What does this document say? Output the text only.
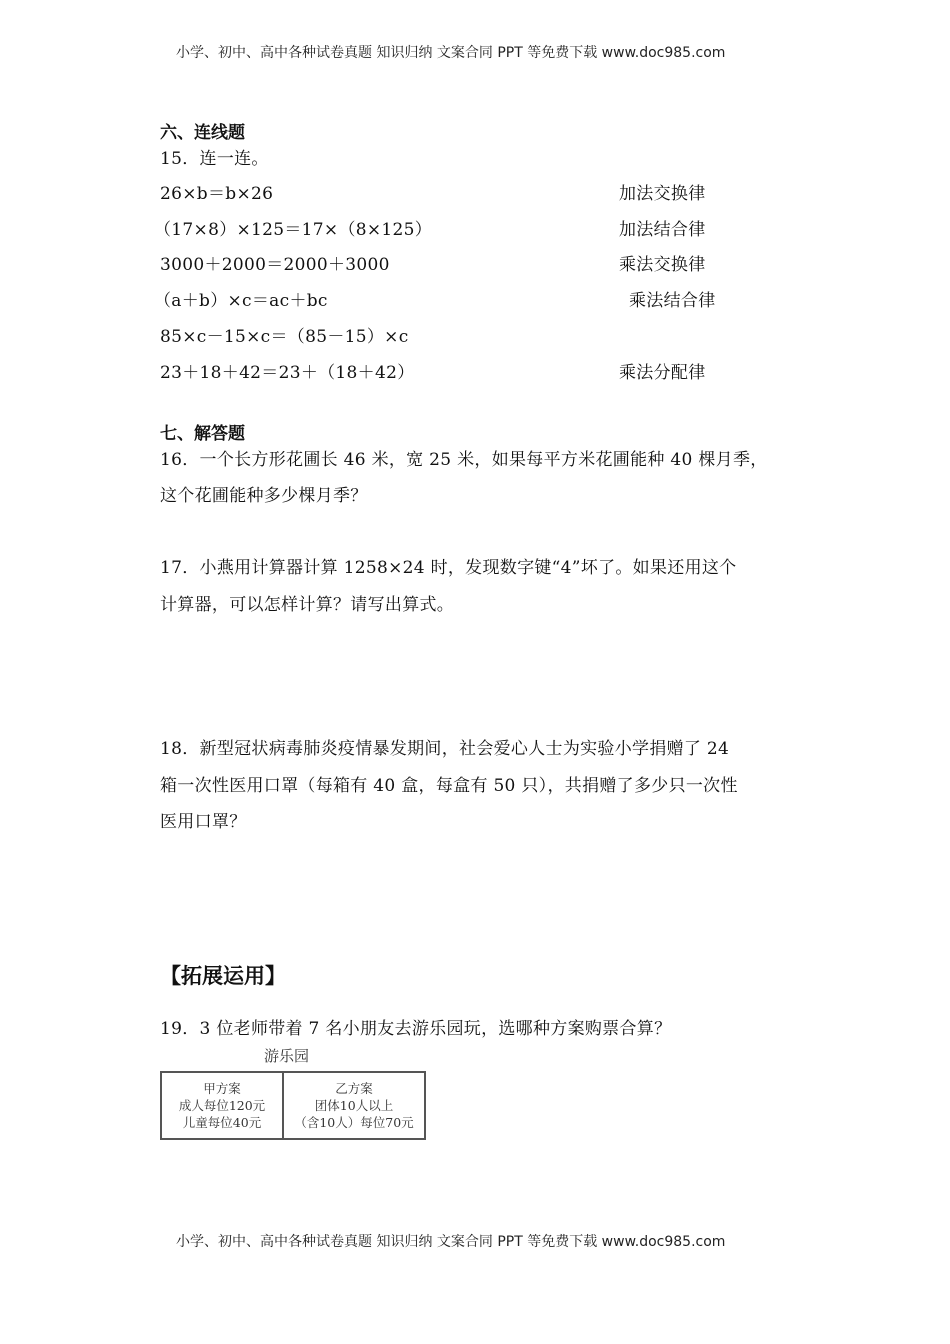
小学、初中、高中各种试卷真题 知识归纳 文案合同 PPT 等免费下载 www.doc985.com
六、连线题
15．连一连。
26×b＝b×26	加法交换律
（17×8）×125＝17×（8×125）	加法结合律
3000＋2000＝2000＋3000	乘法交换律
（a＋b）×c＝ac＋bc	乘法结合律
85×c－15×c＝（85－15）×c
23＋18＋42＝23＋（18＋42）	乘法分配律
七、解答题
16．一个长方形花圃长 46 米，宽 25 米，如果每平方米花圃能种 40 棵月季，
这个花圃能种多少棵月季？
17．小燕用计算器计算 1258×24 时，发现数字键“4”坏了。如果还用这个
计算器，可以怎样计算？请写出算式。
18．新型冠状病毒肺炎疫情暴发期间，社会爱心人士为实验小学捐赠了 24
箱一次性医用口罩（每箱有 40 盒，每盒有 50 只），共捐赠了多少只一次性
医用口罩？
【拓展运用】
19．3 位老师带着 7 名小朋友去游乐园玩，选哪种方案购票合算？
游乐园
甲方案
成人每位120元
儿童每位40元

乙方案
团体10人以上
（含10人）每位70元
小学、初中、高中各种试卷真题 知识归纳 文案合同 PPT 等免费下载 www.doc985.com
